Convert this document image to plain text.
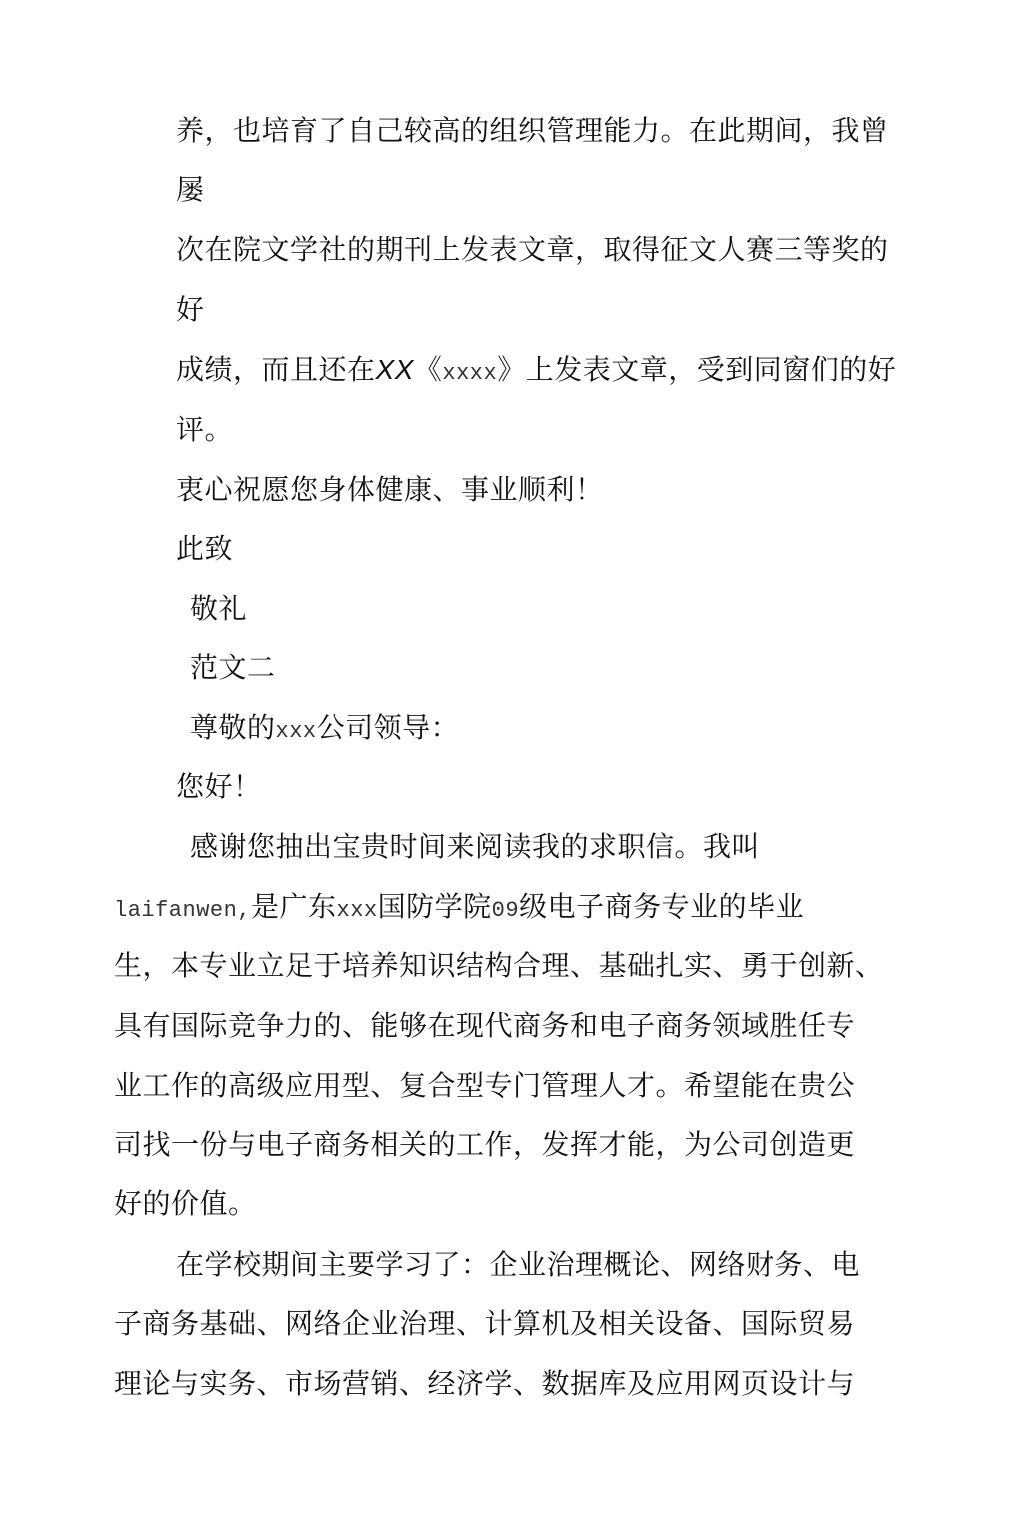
养，也培育了自己较高的组织管理能力。在此期间，我曾
屡
次在院文学社的期刊上发表文章，取得征文人赛三等奖的
好
成绩，而且还在XX《xxxx》上发表文章，受到同窗们的好
评。
衷心祝愿您身体健康、事业顺利！
此致
敬礼
范文二
尊敬的xxx公司领导：
您好！
感谢您抽出宝贵时间来阅读我的求职信。我叫
laifanwen,是广东xxx国防学院09级电子商务专业的毕业
生，本专业立足于培养知识结构合理、基础扎实、勇于创新、
具有国际竞争力的、能够在现代商务和电子商务领域胜任专
业工作的高级应用型、复合型专门管理人才。希望能在贵公
司找一份与电子商务相关的工作，发挥才能，为公司创造更
好的价值。
在学校期间主要学习了：企业治理概论、网络财务、电
子商务基础、网络企业治理、计算机及相关设备、国际贸易
理论与实务、市场营销、经济学、数据库及应用网页设计与
